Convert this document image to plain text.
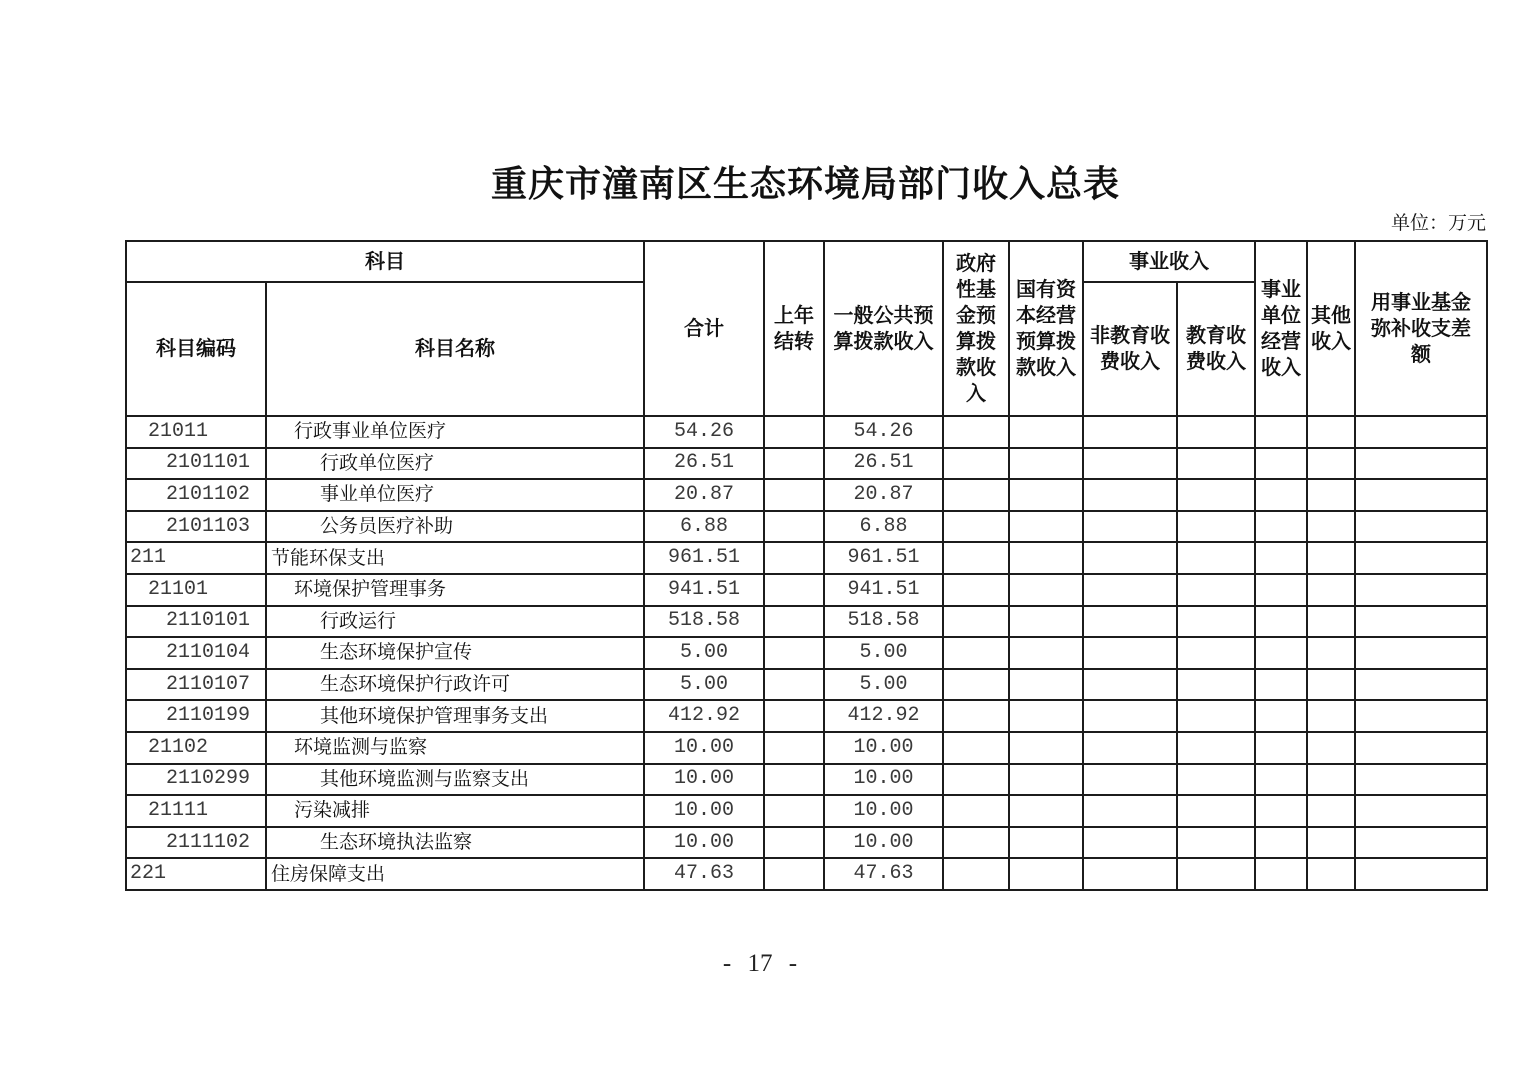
重庆市潼南区生态环境局部门收入总表
单位：万元
科目		合计	上年结转	一般公共预算拨款收入	政府性基金预算拨款收入	国有资本经营预算拨款收入	事业收入		事业单位经营收入	其他收入	用事业基金弥补收支差额
科目编码	科目名称						非教育收费收入	教育收费收入			
21011	行政事业单位医疗	54.26		54.26							
2101101	行政单位医疗	26.51		26.51							
2101102	事业单位医疗	20.87		20.87							
2101103	公务员医疗补助	6.88		6.88							
211	节能环保支出	961.51		961.51							
21101	环境保护管理事务	941.51		941.51							
2110101	行政运行	518.58		518.58							
2110104	生态环境保护宣传	5.00		5.00							
2110107	生态环境保护行政许可	5.00		5.00							
2110199	其他环境保护管理事务支出	412.92		412.92							
21102	环境监测与监察	10.00		10.00							
2110299	其他环境监测与监察支出	10.00		10.00							
21111	污染减排	10.00		10.00							
2111102	生态环境执法监察	10.00		10.00							
221	住房保障支出	47.63		47.63							
- 17 -
